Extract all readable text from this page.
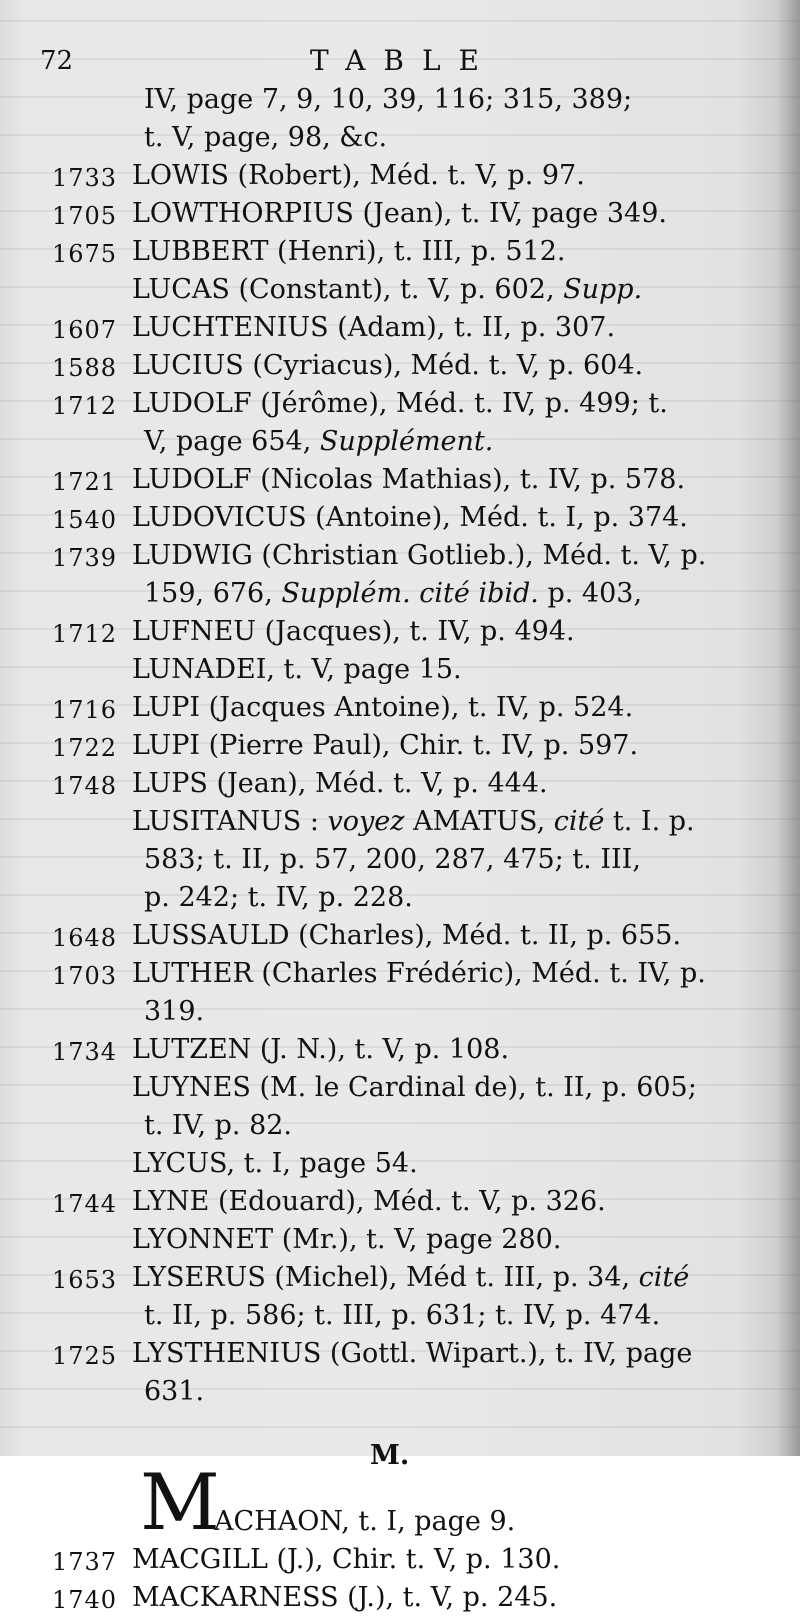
72	TABLE
IV, page 7, 9, 10, 39, 116; 315, 389;
t. V, page, 98, &c.
1733 LOWIS (Robert), Méd. t. V, p. 97.
1705 LOWTHORPIUS (Jean), t. IV, page 349.
1675 LUBBERT (Henri), t. III, p. 512.
LUCAS (Constant), t. V, p. 602, Supp.
1607 LUCHTENIUS (Adam), t. II, p. 307.
1588 LUCIUS (Cyriacus), Méd. t. V, p. 604.
1712 LUDOLF (Jérôme), Méd. t. IV, p. 499; t.
V, page 654, Supplément.
1721 LUDOLF (Nicolas Mathias), t. IV, p. 578.
1540 LUDOVICUS (Antoine), Méd. t. I, p. 374.
1739 LUDWIG (Christian Gotlieb.), Méd. t. V, p.
159, 676, Supplém. cité ibid. p. 403,
1712 LUFNEU (Jacques), t. IV, p. 494.
LUNADEI, t. V, page 15.
1716 LUPI (Jacques Antoine), t. IV, p. 524.
1722 LUPI (Pierre Paul), Chir. t. IV, p. 597.
1748 LUPS (Jean), Méd. t. V, p. 444.
LUSITANUS : voyez AMATUS, cité t. I. p.
583; t. II, p. 57, 200, 287, 475; t. III,
p. 242; t. IV, p. 228.
1648 LUSSAULD (Charles), Méd. t. II, p. 655.
1703 LUTHER (Charles Frédéric), Méd. t. IV, p.
319.
1734 LUTZEN (J. N.), t. V, p. 108.
LUYNES (M. le Cardinal de), t. II, p. 605;
t. IV, p. 82.
LYCUS, t. I, page 54.
1744 LYNE (Edouard), Méd. t. V, p. 326.
LYONNET (Mr.), t. V, page 280.
1653 LYSERUS (Michel), Méd t. III, p. 34, cité
t. II, p. 586; t. III, p. 631; t. IV, p. 474.
1725 LYSTHENIUS (Gottl. Wipart.), t. IV, page
631.
M.
M
ACHAON, t. I, page 9.
1737 MACGILL (J.), Chir. t. V, p. 130.
1740 MACKARNESS (J.), t. V, p. 245.
